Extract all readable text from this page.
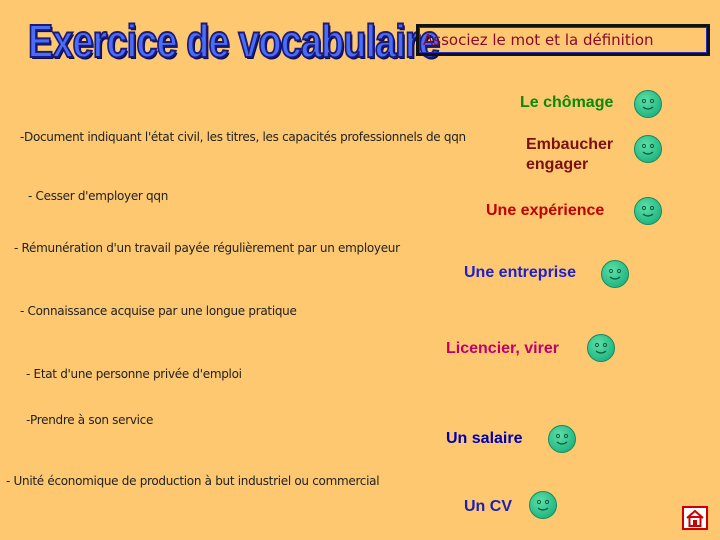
Exercice de vocabulaire
Associez le mot et la définition
-Document indiquant l'état civil, les titres, les capacités professionnels de qqn
- Cesser d'employer qqn
- Rémunération d'un travail payée régulièrement par un employeur
- Connaissance acquise par une longue pratique
- Etat d'une personne privée d'emploi
-Prendre à son service
- Unité économique de production à but industriel ou commercial
Le chômage
Embaucher
engager
Une expérience
Une entreprise
Licencier, virer
Un salaire
Un CV
